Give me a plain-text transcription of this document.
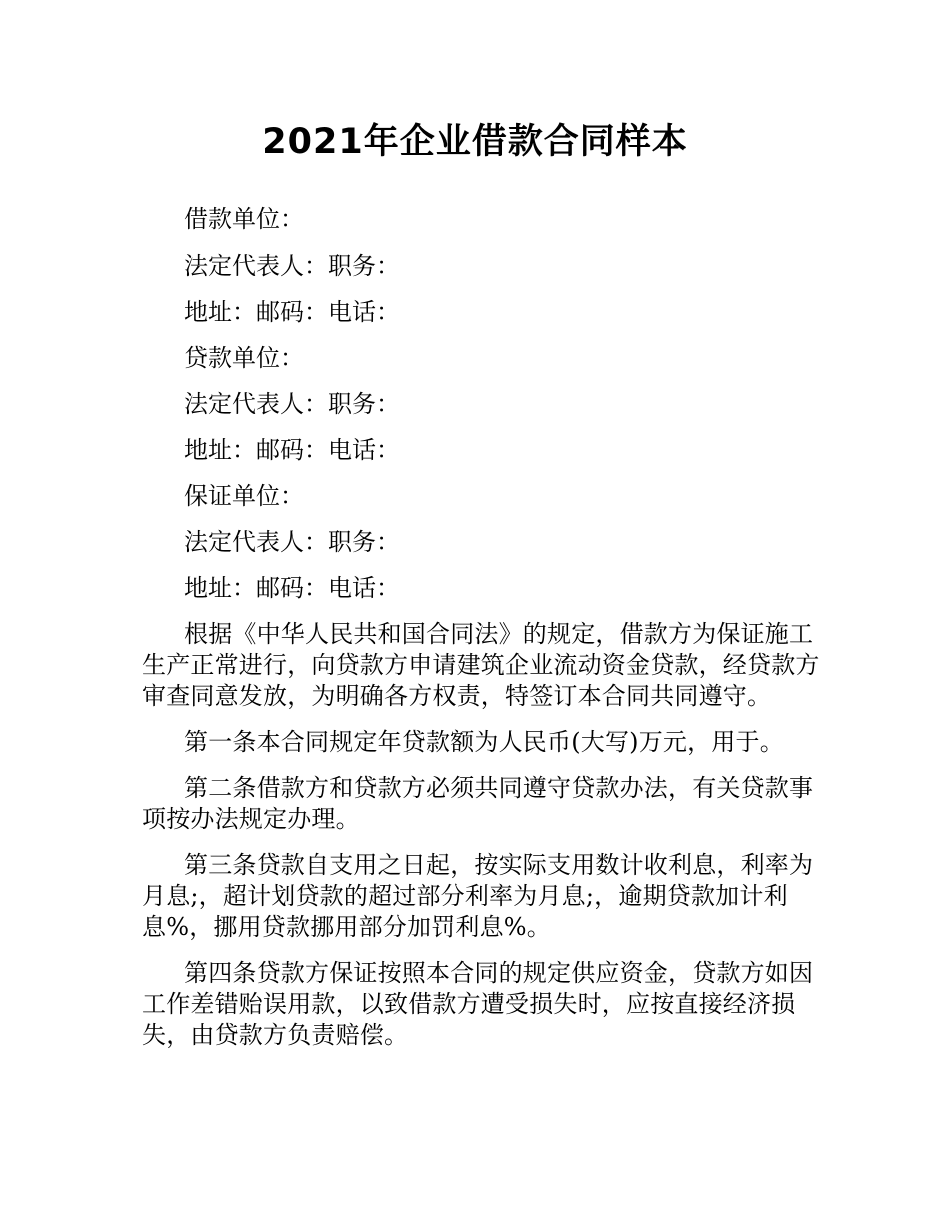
2021年企业借款合同样本

借款单位：

法定代表人：职务：

地址：邮码：电话：

贷款单位：

法定代表人：职务：

地址：邮码：电话：

保证单位：

法定代表人：职务：

地址：邮码：电话：

根据《中华人民共和国合同法》的规定，借款方为保证施工生产正常进行，向贷款方申请建筑企业流动资金贷款，经贷款方审查同意发放，为明确各方权责，特签订本合同共同遵守。

第一条本合同规定年贷款额为人民币(大写)万元，用于。

第二条借款方和贷款方必须共同遵守贷款办法，有关贷款事项按办法规定办理。

第三条贷款自支用之日起，按实际支用数计收利息，利率为月息;，超计划贷款的超过部分利率为月息;，逾期贷款加计利息%，挪用贷款挪用部分加罚利息%。

第四条贷款方保证按照本合同的规定供应资金，贷款方如因工作差错贻误用款，以致借款方遭受损失时，应按直接经济损失，由贷款方负责赔偿。
